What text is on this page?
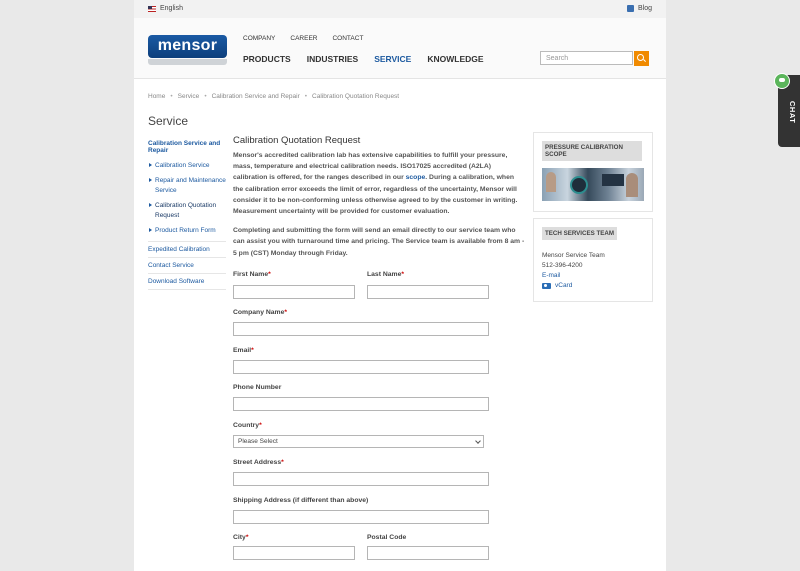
English	Blog
mensor	COMPANY CAREER CONTACT
PRODUCTS INDUSTRIES SERVICE KNOWLEDGE	Search
Home • Service • Calibration Service and Repair • Calibration Quotation Request
Service
Calibration Service and Repair
Calibration Service
Repair and Maintenance Service
Calibration Quotation Request
Product Return Form
Expedited Calibration
Contact Service
Download Software
Calibration Quotation Request

Mensor's accredited calibration lab has extensive capabilities to fulfill your pressure, mass, temperature and electrical calibration needs. ISO17025 accredited (A2LA) calibration is offered, for the ranges described in our scope. During a calibration, when the calibration error exceeds the limit of error, regardless of the uncertainty, Mensor will consider it to be non-conforming unless otherwise agreed to by the customer in writing. Measurement uncertainty will be provided for customer evaluation.

Completing and submitting the form will send an email directly to our service team who can assist you with turnaround time and pricing. The Service team is available from 8 am - 5 pm (CST) Monday through Friday.

First Name*	Last Name*
Company Name*
Email*
Phone Number
Country*
Please Select
Street Address*
Shipping Address (if different than above)
City*	Postal Code
PRESSURE CALIBRATION SCOPE
TECH SERVICES TEAM
Mensor Service Team
512-396-4200
E-mail
vCard
CHAT
